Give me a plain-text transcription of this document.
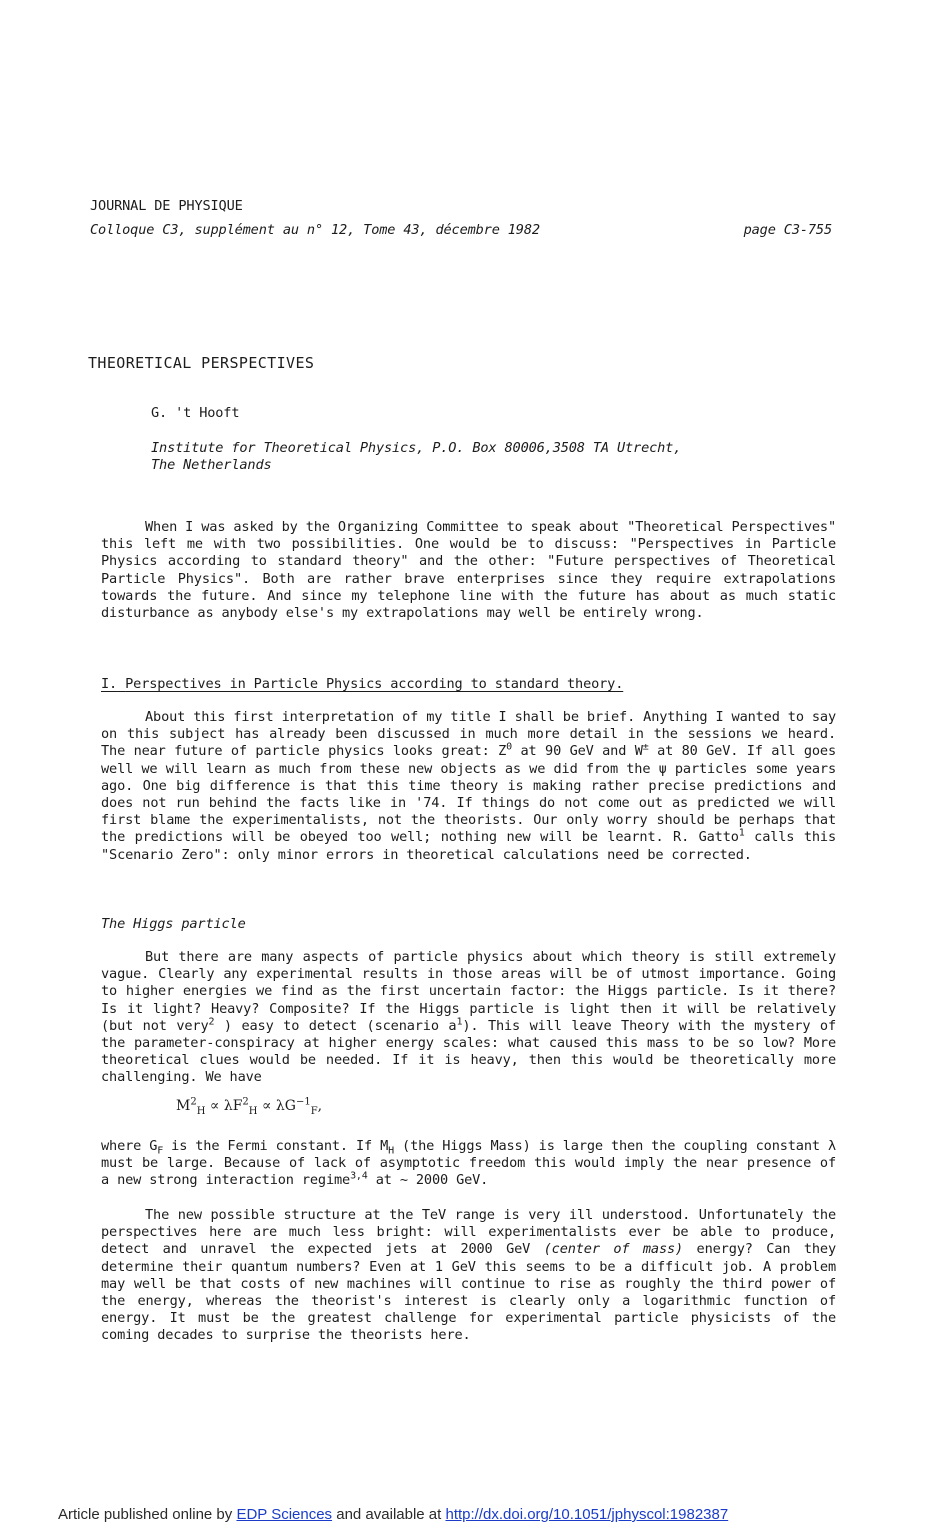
JOURNAL DE PHYSIQUE
Colloque C3, supplément au n° 12, Tome 43, décembre 1982	page C3-755
THEORETICAL PERSPECTIVES
G. 't Hooft
Institute for Theoretical Physics, P.O. Box 80006,3508 TA Utrecht,
The Netherlands

When I was asked by the Organizing Committee to speak about "Theoretical Perspectives" this left me with two possibilities. One would be to discuss: "Perspectives in Particle Physics according to standard theory" and the other: "Future perspectives of Theoretical Particle Physics". Both are rather brave enterprises since they require extrapolations towards the future. And since my telephone line with the future has about as much static disturbance as anybody else's my extrapolations may well be entirely wrong.

I. Perspectives in Particle Physics according to standard theory.

About this first interpretation of my title I shall be brief. Anything I wanted to say on this subject has already been discussed in much more detail in the sessions we heard. The near future of particle physics looks great: $Z^0$ at 90 GeV and W± at 80 GeV. If all goes well we will learn as much from these new objects as we did from the ψ particles some years ago. One big difference is that this time theory is making rather precise predictions and does not run behind the facts like in '74. If things do not come out as predicted we will first blame the experimentalists, not the theorists. Our only worry should be perhaps that the predictions will be obeyed too well; nothing new will be learnt. R. Gatto$^1$ calls this "Scenario Zero": only minor errors in theoretical calculations need be corrected.

The Higgs particle

But there are many aspects of particle physics about which theory is still extremely vague. Clearly any experimental results in those areas will be of utmost importance. Going to higher energies we find as the first uncertain factor: the Higgs particle. Is it there? Is it light? Heavy? Composite? If the Higgs particle is light then it will be relatively (but not very$^2$ ) easy to detect (scenario $a^1$). This will leave Theory with the mystery of the parameter-conspiracy at higher energy scales: what caused this mass to be so low? More theoretical clues would be needed. If it is heavy, then this would be theoretically more challenging. We have

$M^2_H \propto \lambda F^2_H \propto \lambda G^{-1}_F$,

where $G_F$ is the Fermi constant. If $M_H$ (the Higgs Mass) is large then the coupling constant λ must be large. Because of lack of asymptotic freedom this would imply the near presence of a new strong interaction regime$^{3,4}$ at ~ 2000 GeV.

The new possible structure at the TeV range is very ill understood. Unfortunately the perspectives here are much less bright: will experimentalists ever be able to produce, detect and unravel the expected jets at 2000 GeV (center of mass) energy? Can they determine their quantum numbers? Even at 1 GeV this seems to be a difficult job. A problem may well be that costs of new machines will continue to rise as roughly the third power of the energy, whereas the theorist's interest is clearly only a logarithmic function of energy. It must be the greatest challenge for experimental particle physicists of the coming decades to surprise the theorists here.

Article published online by EDP Sciences and available at http://dx.doi.org/10.1051/jphyscol:1982387
